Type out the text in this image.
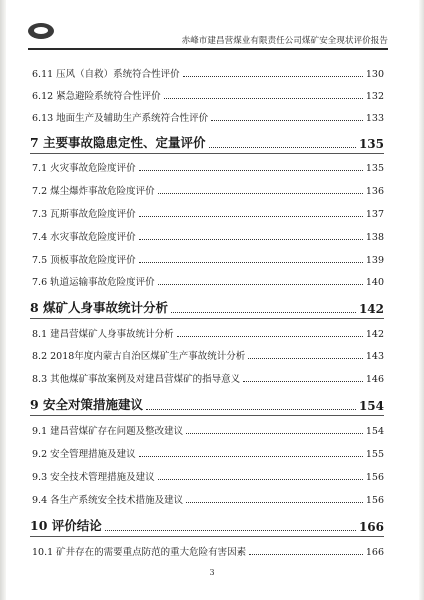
赤峰市建昌营煤业有限责任公司煤矿安全现状评价报告
6.11 压风（自救）系统符合性评价	130
6.12 紧急避险系统符合性评价	132
6.13 地面生产及辅助生产系统符合性评价	133
7 主要事故隐患定性、定量评价	135
7.1 火灾事故危险度评价	135
7.2 煤尘爆炸事故危险度评价	136
7.3 瓦斯事故危险度评价	137
7.4 水灾事故危险度评价	138
7.5 顶板事故危险度评价	139
7.6 轨道运输事故危险度评价	140
8 煤矿人身事故统计分析	142
8.1 建昌营煤矿人身事故统计分析	142
8.2 2018年度内蒙古自治区煤矿生产事故统计分析	143
8.3 其他煤矿事故案例及对建昌营煤矿的指导意义	146
9 安全对策措施建议	154
9.1 建昌营煤矿存在问题及整改建议	154
9.2 安全管理措施及建议	155
9.3 安全技术管理措施及建议	156
9.4 各生产系统安全技术措施及建议	156
10 评价结论	166
10.1 矿井存在的需要重点防范的重大危险有害因素	166
3
